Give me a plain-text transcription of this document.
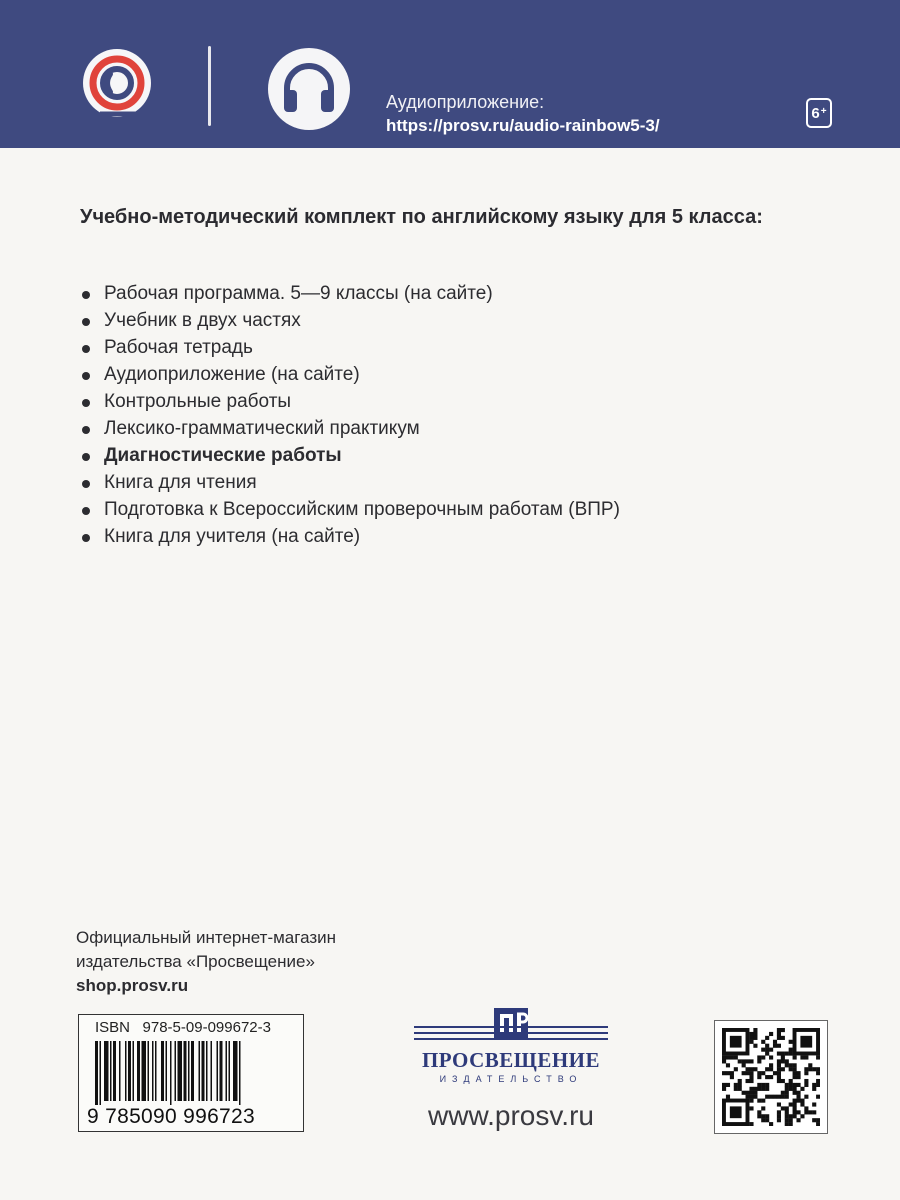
Аудиоприложение:
https://prosv.ru/audio-rainbow5-3/
6 +
Учебно-методический комплект по английскому языку для 5 класса:
Рабочая программа. 5—9 классы (на сайте)
Учебник в двух частях
Рабочая тетрадь
Аудиоприложение (на сайте)
Контрольные работы
Лексико-грамматический практикум
Диагностические работы
Книга для чтения
Подготовка к Всероссийским проверочным работам (ВПР)
Книга для учителя (на сайте)
Официальный интернет-магазин
издательства «Просвещение»
shop.prosv.ru
ISBN 978-5-09-099672-3
9 785090 996723
ПРОСВЕЩЕНИЕ
ИЗДАТЕЛЬСТВО
www.prosv.ru
